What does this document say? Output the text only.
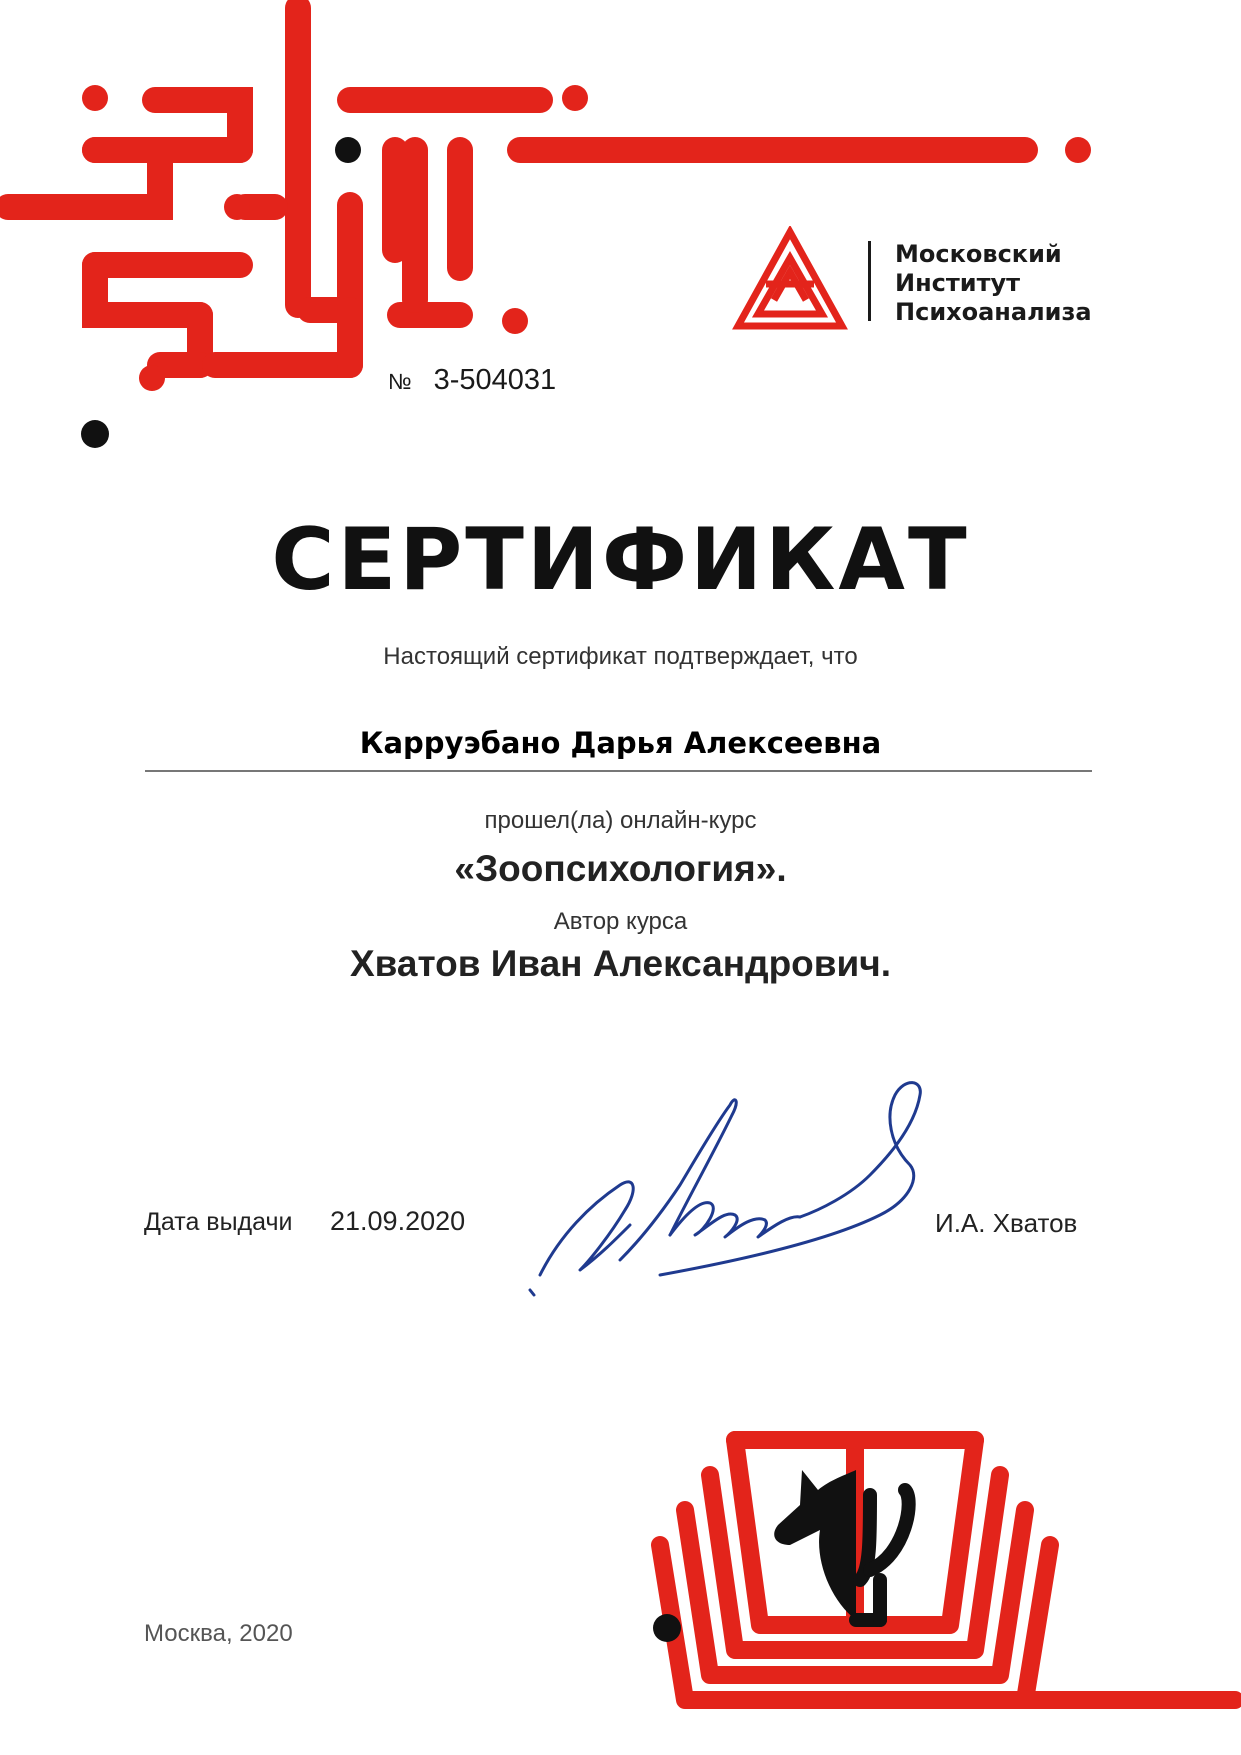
Московский
Институт
Психоанализа
№ 3-504031
СЕРТИФИКАТ
Настоящий сертификат подтверждает, что
Карруэбано Дарья Алексеевна
прошел(ла) онлайн-курс
«Зоопсихология».
Автор курса
Хватов Иван Александрович.
Дата выдачи 21.09.2020	И.А. Хватов
Москва, 2020
